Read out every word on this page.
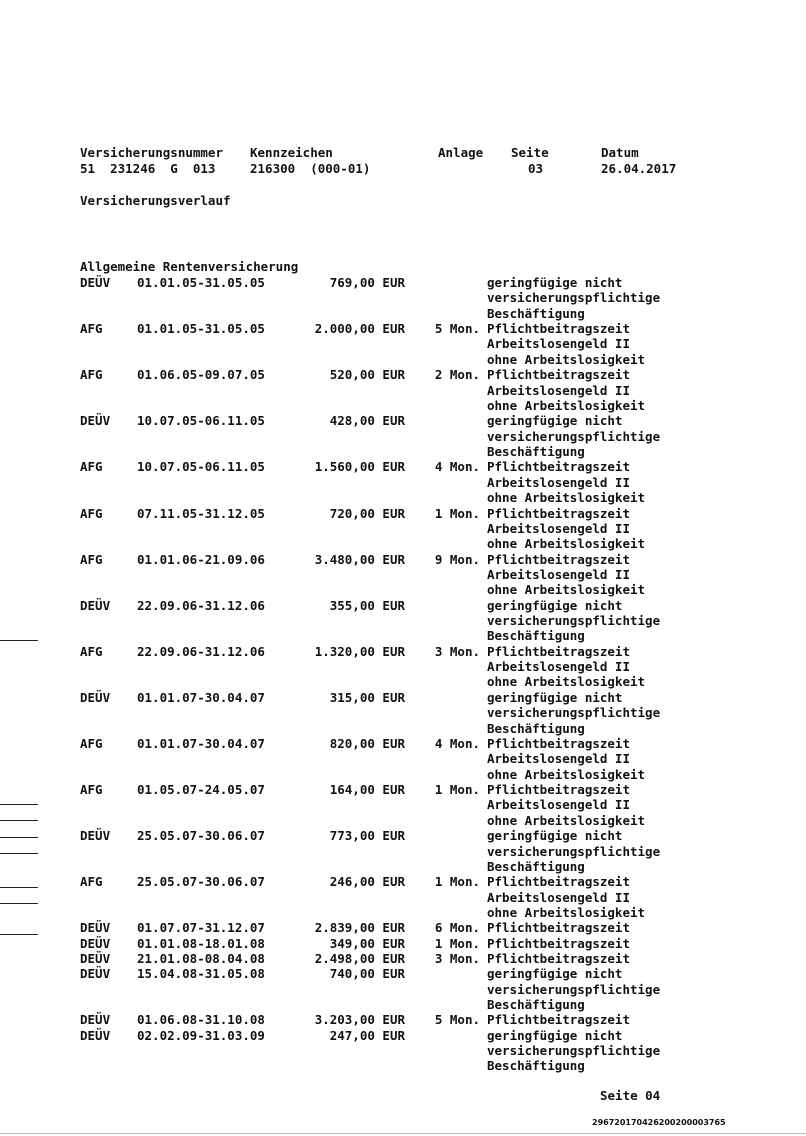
Versicherungsnummer Kennzeichen	Anlage Seite	Datum
51  231246  G  013	216300  (000-01)	03	26.04.2017
Versicherungsverlauf
Allgemeine Rentenversicherung
DEÜV	01.01.05-31.05.05	769,00 EUR	geringfügige nicht
versicherungspflichtige
Beschäftigung
AFG	01.01.05-31.05.05	2.000,00 EUR	5 Mon. Pflichtbeitragszeit
Arbeitslosengeld II
ohne Arbeitslosigkeit
AFG	01.06.05-09.07.05	520,00 EUR	2 Mon. Pflichtbeitragszeit
Arbeitslosengeld II
ohne Arbeitslosigkeit
DEÜV	10.07.05-06.11.05	428,00 EUR	geringfügige nicht
versicherungspflichtige
Beschäftigung
AFG	10.07.05-06.11.05	1.560,00 EUR	4 Mon. Pflichtbeitragszeit
Arbeitslosengeld II
ohne Arbeitslosigkeit
AFG	07.11.05-31.12.05	720,00 EUR	1 Mon. Pflichtbeitragszeit
Arbeitslosengeld II
ohne Arbeitslosigkeit
AFG	01.01.06-21.09.06	3.480,00 EUR	9 Mon. Pflichtbeitragszeit
Arbeitslosengeld II
ohne Arbeitslosigkeit
DEÜV	22.09.06-31.12.06	355,00 EUR	geringfügige nicht
versicherungspflichtige
Beschäftigung
AFG	22.09.06-31.12.06	1.320,00 EUR	3 Mon. Pflichtbeitragszeit
Arbeitslosengeld II
ohne Arbeitslosigkeit
DEÜV	01.01.07-30.04.07	315,00 EUR	geringfügige nicht
versicherungspflichtige
Beschäftigung
AFG	01.01.07-30.04.07	820,00 EUR	4 Mon. Pflichtbeitragszeit
Arbeitslosengeld II
ohne Arbeitslosigkeit
AFG	01.05.07-24.05.07	164,00 EUR	1 Mon. Pflichtbeitragszeit
Arbeitslosengeld II
ohne Arbeitslosigkeit
DEÜV	25.05.07-30.06.07	773,00 EUR	geringfügige nicht
versicherungspflichtige
Beschäftigung
AFG	25.05.07-30.06.07	246,00 EUR	1 Mon. Pflichtbeitragszeit
Arbeitslosengeld II
ohne Arbeitslosigkeit
DEÜV	01.07.07-31.12.07	2.839,00 EUR	6 Mon. Pflichtbeitragszeit
DEÜV	01.01.08-18.01.08	349,00 EUR	1 Mon. Pflichtbeitragszeit
DEÜV	21.01.08-08.04.08	2.498,00 EUR	3 Mon. Pflichtbeitragszeit
DEÜV	15.04.08-31.05.08	740,00 EUR	geringfügige nicht
versicherungspflichtige
Beschäftigung
DEÜV	01.06.08-31.10.08	3.203,00 EUR	5 Mon. Pflichtbeitragszeit
DEÜV	02.02.09-31.03.09	247,00 EUR	geringfügige nicht
versicherungspflichtige
Beschäftigung
Seite 04
296720170426200200003765
